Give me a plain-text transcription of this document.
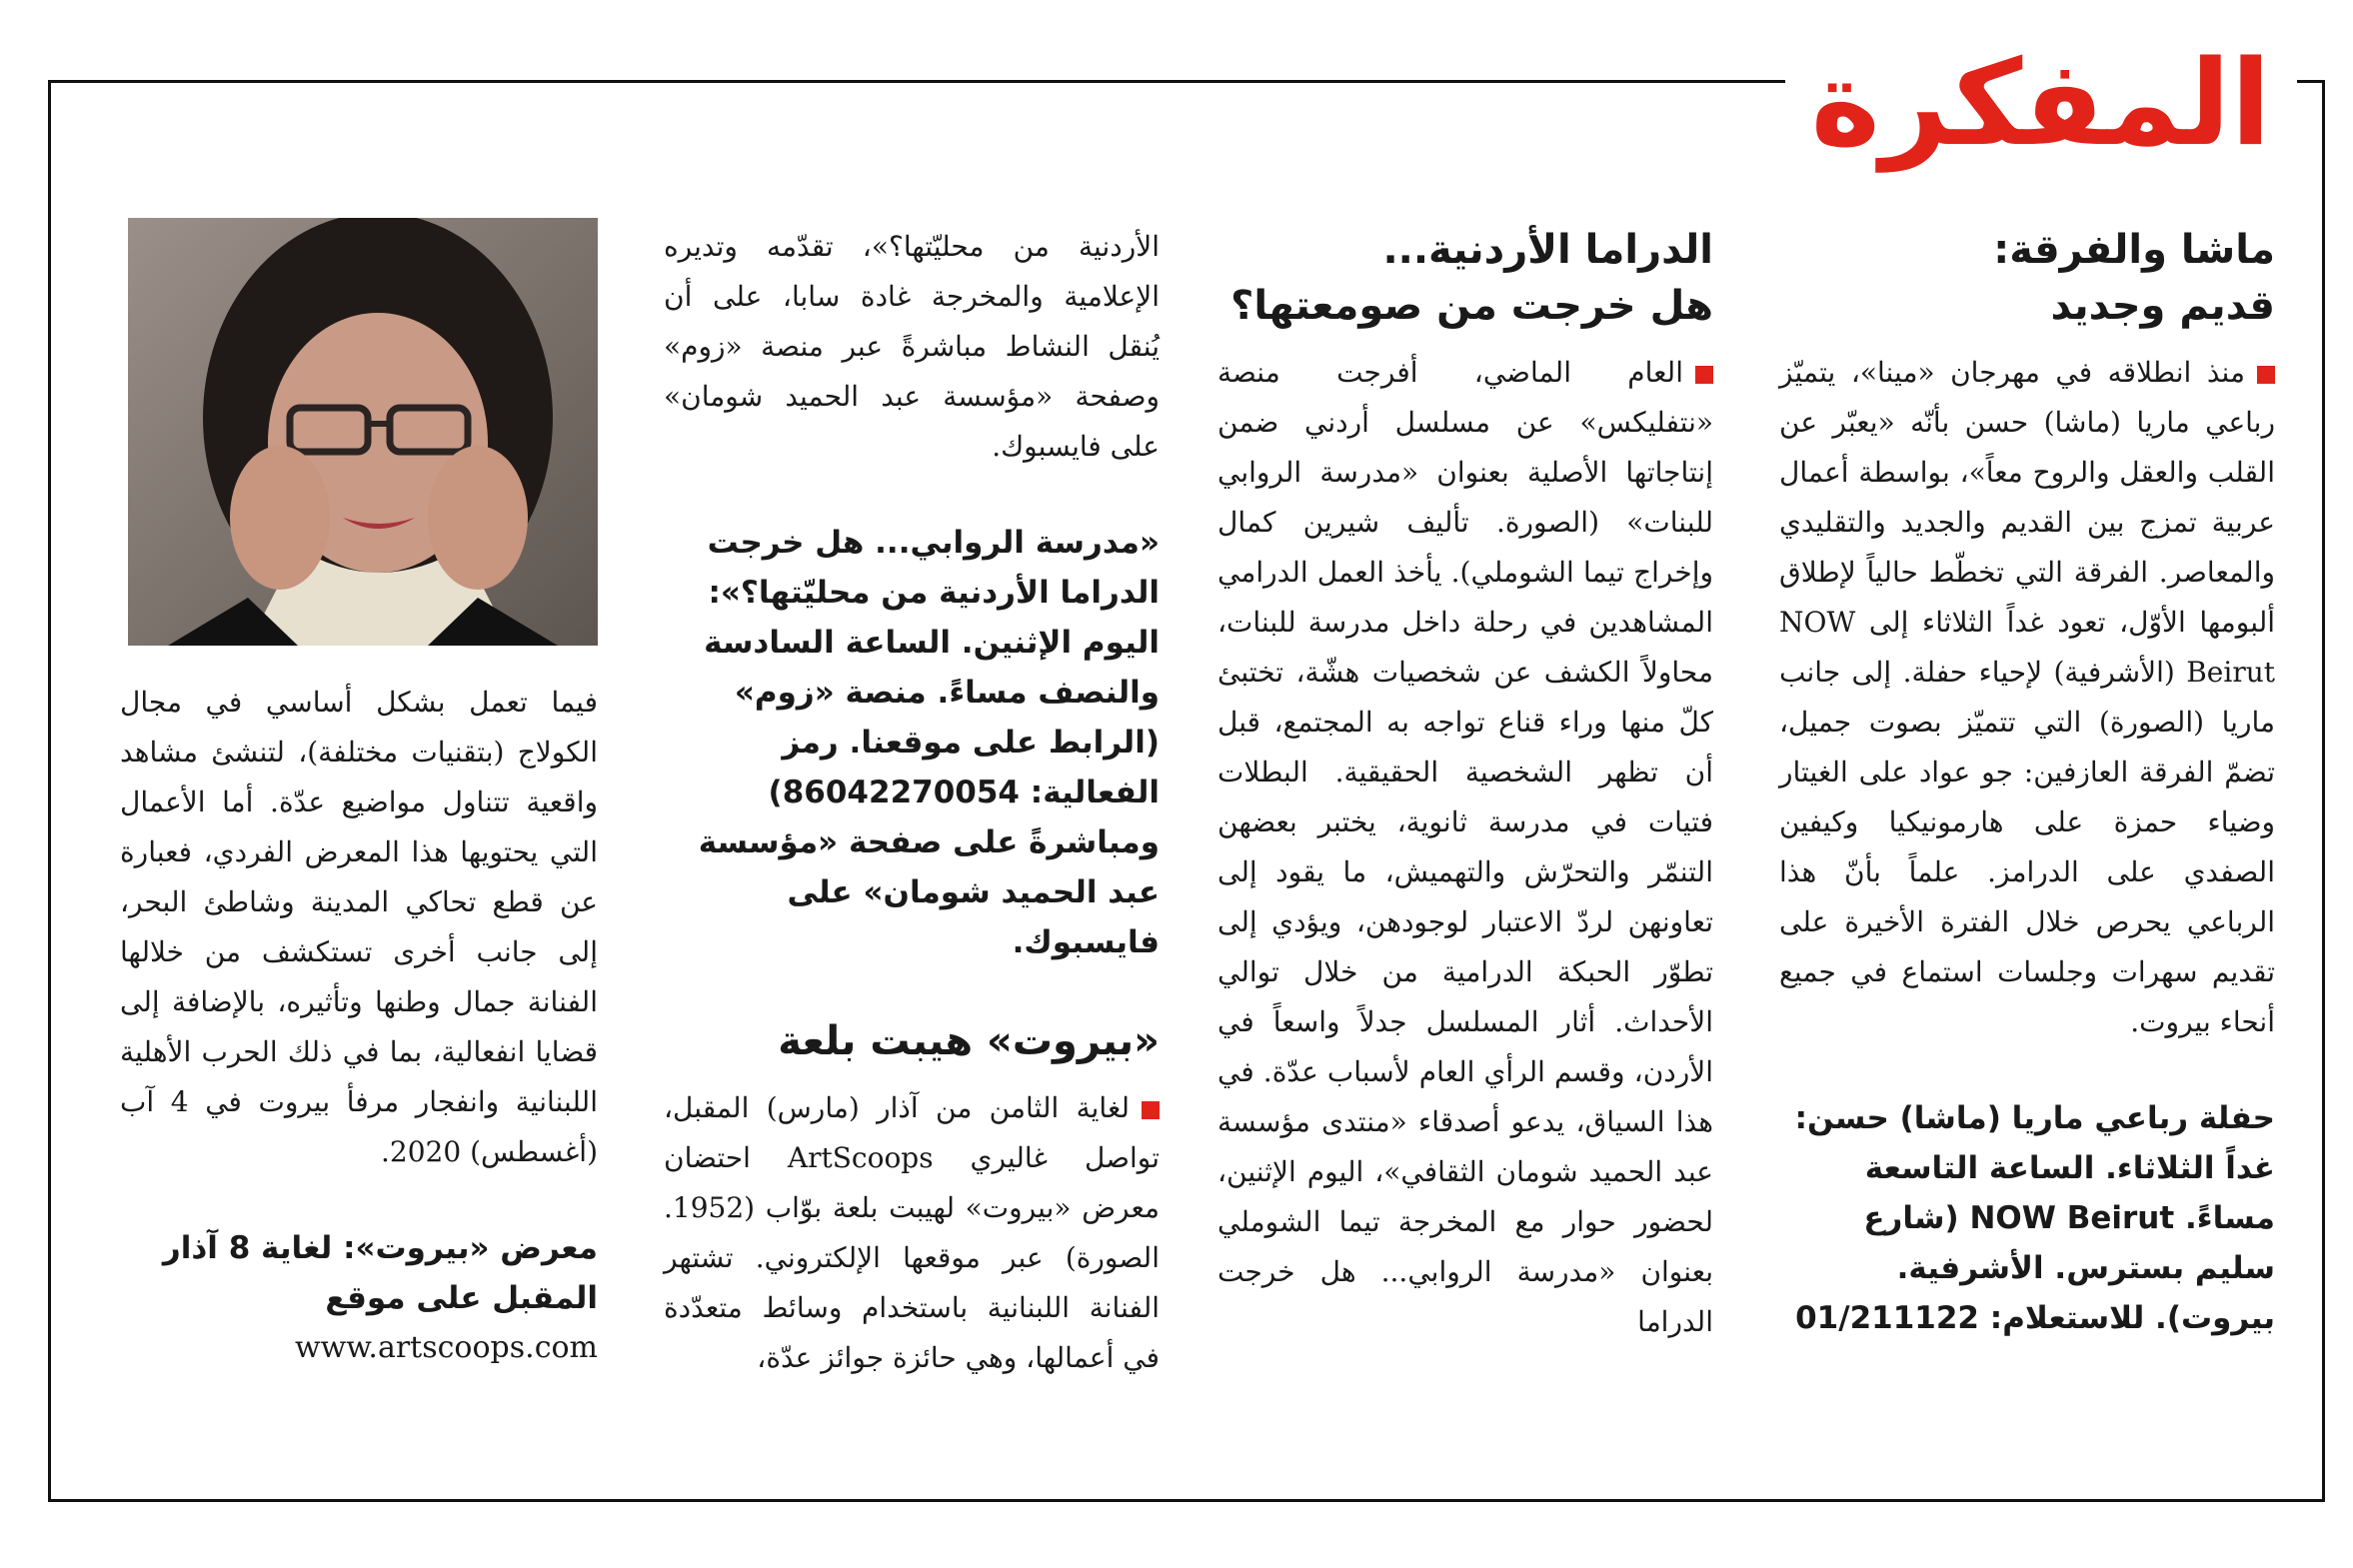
المفكرة
ماشا والفرقة:
قديم وجديد

منذ انطلاقه في مهرجان «مينا»، يتميّز رباعي ماريا (ماشا) حسن بأنّه «يعبّر عن القلب والعقل والروح معاً»، بواسطة أعمال عربية تمزج بين القديم والجديد والتقليدي والمعاصر. الفرقة التي تخطّط حالياً لإطلاق ألبومها الأوّل، تعود غداً الثلاثاء إلى NOW Beirut (الأشرفية) لإحياء حفلة. إلى جانب ماريا (الصورة) التي تتميّز بصوت جميل، تضمّ الفرقة العازفين: جو عواد على الغيتار وضياء حمزة على هارمونيكيا وكيفين الصفدي على الدرامز. علماً بأنّ هذا الرباعي يحرص خلال الفترة الأخيرة على تقديم سهرات وجلسات استماع في جميع أنحاء بيروت.

حفلة رباعي ماريا (ماشا) حسن: غداً الثلاثاء. الساعة التاسعة مساءً. NOW Beirut (شارع سليم بسترس. الأشرفية. بيروت). للاستعلام: 01/211122

الدراما الأردنية...
هل خرجت من صومعتها؟

العام الماضي، أفرجت منصة «نتفليكس» عن مسلسل أردني ضمن إنتاجاتها الأصلية بعنوان «مدرسة الروابي للبنات» (الصورة. تأليف شيرين كمال وإخراج تيما الشوملي). يأخذ العمل الدرامي المشاهدين في رحلة داخل مدرسة للبنات، محاولاً الكشف عن شخصيات هشّة، تختبئ كلّ منها وراء قناع تواجه به المجتمع، قبل أن تظهر الشخصية الحقيقية. البطلات فتيات في مدرسة ثانوية، يختبر بعضهن التنمّر والتحرّش والتهميش، ما يقود إلى تعاونهن لردّ الاعتبار لوجودهن، ويؤدي إلى تطوّر الحبكة الدرامية من خلال توالي الأحداث. أثار المسلسل جدلاً واسعاً في الأردن، وقسم الرأي العام لأسباب عدّة. في هذا السياق، يدعو أصدقاء «منتدى مؤسسة عبد الحميد شومان الثقافي»، اليوم الإثنين، لحضور حوار مع المخرجة تيما الشوملي بعنوان «مدرسة الروابي... هل خرجت الدراما

الأردنية من محليّتها؟»، تقدّمه وتديره الإعلامية والمخرجة غادة سابا، على أن يُنقل النشاط مباشرةً عبر منصة «زوم» وصفحة «مؤسسة عبد الحميد شومان» على فايسبوك.

«مدرسة الروابي... هل خرجت الدراما الأردنية من محليّتها؟»: اليوم الإثنين. الساعة السادسة والنصف مساءً. منصة «زوم» (الرابط على موقعنا. رمز الفعالية: 86042270054) ومباشرةً على صفحة «مؤسسة عبد الحميد شومان» على فايسبوك.

«بيروت» هيبت بلعة

لغاية الثامن من آذار (مارس) المقبل، تواصل غاليري ArtScoops احتضان معرض «بيروت» لهيبت بلعة بوّاب (1952. الصورة) عبر موقعها الإلكتروني. تشتهر الفنانة اللبنانية باستخدام وسائط متعدّدة في أعمالها، وهي حائزة جوائز عدّة،

فيما تعمل بشكل أساسي في مجال الكولاج (بتقنيات مختلفة)، لتنشئ مشاهد واقعية تتناول مواضيع عدّة. أما الأعمال التي يحتويها هذا المعرض الفردي، فعبارة عن قطع تحاكي المدينة وشاطئ البحر، إلى جانب أخرى تستكشف من خلالها الفنانة جمال وطنها وتأثيره، بالإضافة إلى قضايا انفعالية، بما في ذلك الحرب الأهلية اللبنانية وانفجار مرفأ بيروت في 4 آب (أغسطس) 2020.

معرض «بيروت»: لغاية 8 آذار المقبل على موقع

www.artscoops.com
